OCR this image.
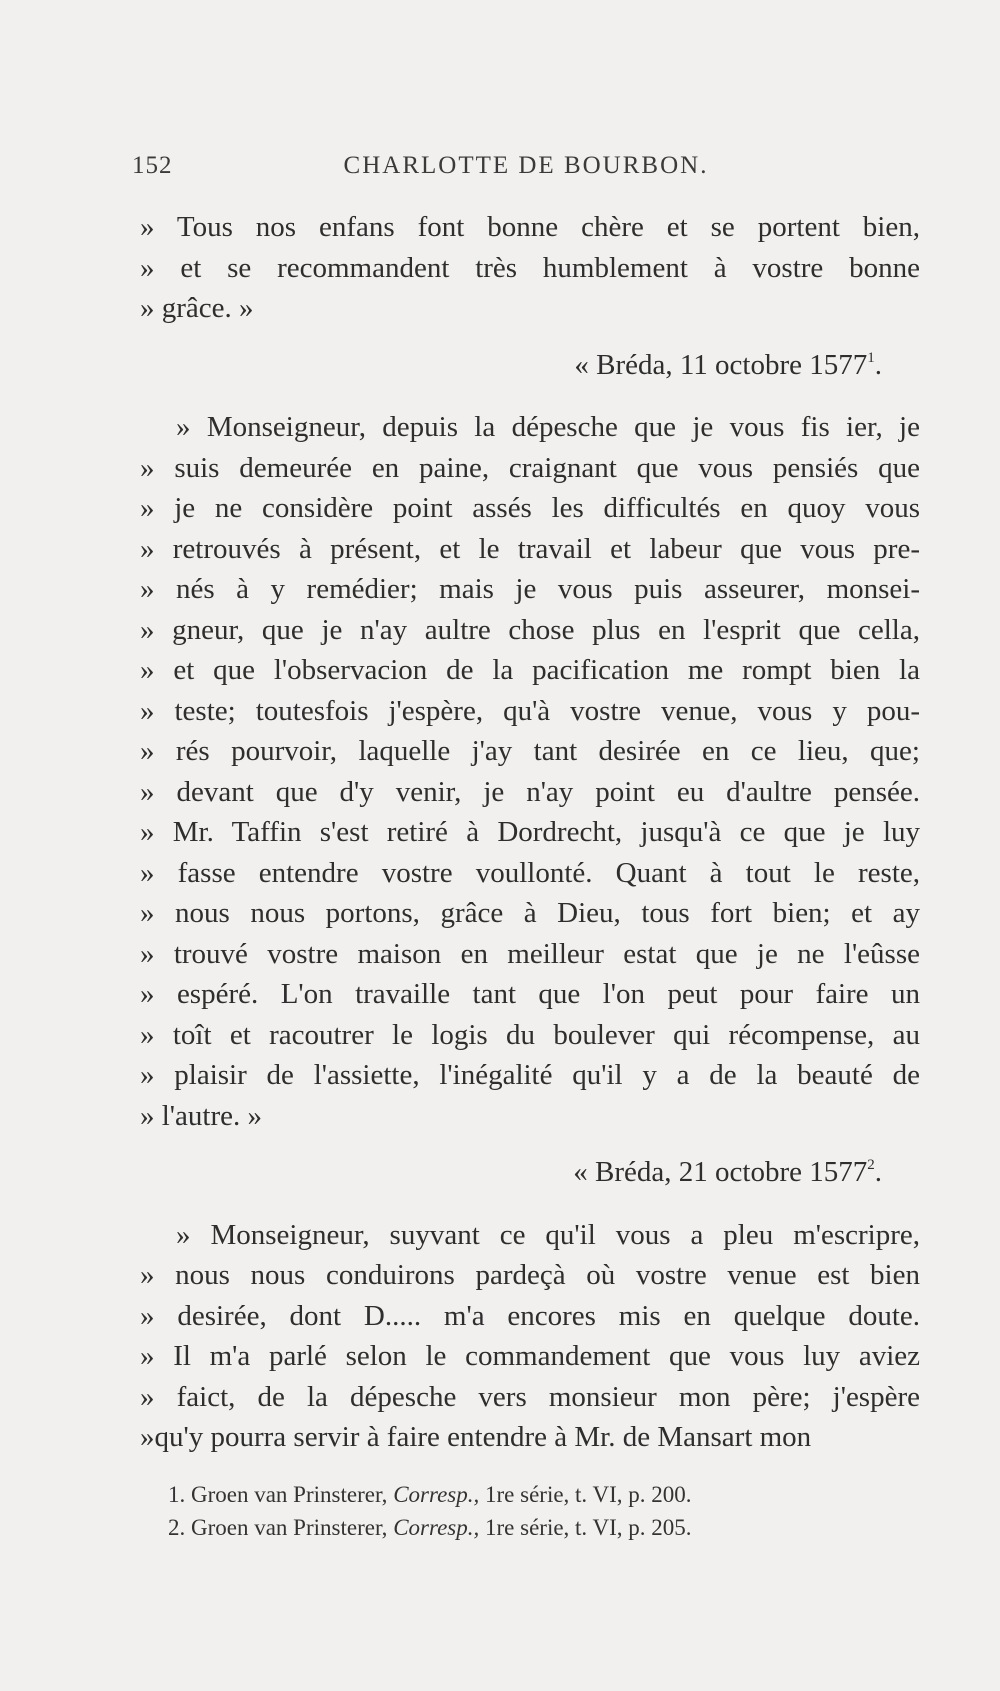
152	CHARLOTTE DE BOURBON.
» Tous nos enfans font bonne chère et se portent bien,
» et se recommandent très humblement à vostre bonne
» grâce. »
« Bréda, 11 octobre 1577$^1$.
» Monseigneur, depuis la dépesche que je vous fis ier, je
» suis demeurée en paine, craignant que vous pensiés que
» je ne considère point assés les difficultés en quoy vous
» retrouvés à présent, et le travail et labeur que vous pre-
» nés à y remédier; mais je vous puis asseurer, monsei-
» gneur, que je n'ay aultre chose plus en l'esprit que cella,
» et que l'observacion de la pacification me rompt bien la
» teste; toutesfois j'espère, qu'à vostre venue, vous y pou-
» rés pourvoir, laquelle j'ay tant desirée en ce lieu, que;
» devant que d'y venir, je n'ay point eu d'aultre pensée.
» Mr. Taffin s'est retiré à Dordrecht, jusqu'à ce que je luy
» fasse entendre vostre voullonté. Quant à tout le reste,
» nous nous portons, grâce à Dieu, tous fort bien; et ay
» trouvé vostre maison en meilleur estat que je ne l'eûsse
» espéré. L'on travaille tant que l'on peut pour faire un
» toît et racoutrer le logis du boulever qui récompense, au
» plaisir de l'assiette, l'inégalité qu'il y a de la beauté de
» l'autre. »
« Bréda, 21 octobre 1577$^2$.
» Monseigneur, suyvant ce qu'il vous a pleu m'escripre,
» nous nous conduirons pardeçà où vostre venue est bien
» desirée, dont D..... m'a encores mis en quelque doute.
» Il m'a parlé selon le commandement que vous luy aviez
» faict, de la dépesche vers monsieur mon père; j'espère
»qu'y pourra servir à faire entendre à Mr. de Mansart mon
1. Groen van Prinsterer, Corresp., 1re série, t. VI, p. 200.
2. Groen van Prinsterer, Corresp., 1re série, t. VI, p. 205.
